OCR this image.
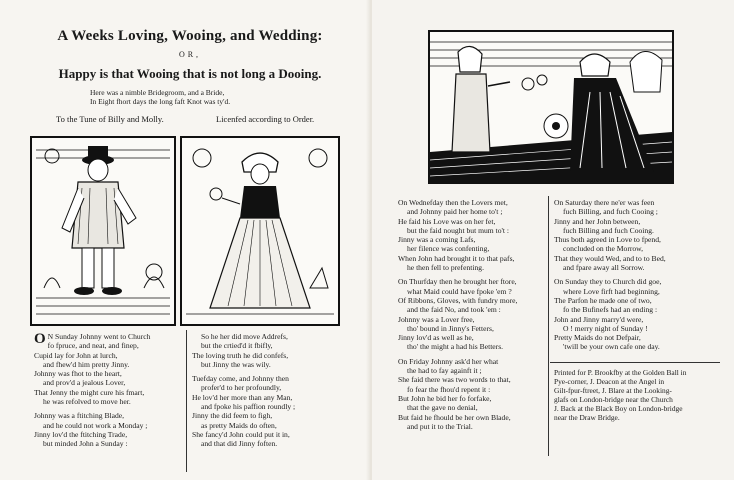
A Weeks Loving, Wooing, and Wedding:
OR,
Happy is that Wooing that is not long a Dooing.
Here was a nimble Bridegroom, and a Bride,
In Eight fhort days the long faft Knot was ty'd.
To the Tune of Billy and Molly.	Licenfed according to Order.
O N Sunday Johnny went to Church
fo fpruce, and neat, and finep,
Cupid lay for John at lurch,
and fhew'd him pretty Jinny.
Johnny was fhot to the heart,
and prov'd a jealous Lover,
That Jenny the might cure his fmart,
he was refolved to move her.
Johnny was a ftitching Blade,
and he could not work a Monday ;
Jinny lov'd the ftitching Trade,
but minded John a Sunday :
So he her did move Addrefs,
but the crtied'd it fbifly,
The loving truth he did confefs,
but Jinny the was wily.
Tuefday come, and Johnny then
profer'd to her profoundly,
He lov'd her more than any Man,
and fpoke his paffion roundly ;
Jinny the did feem to figh,
as pretty Maids do often,
She fancy'd John could put it in,
and that did Jinny foften.
On Wednefday then the Lovers met,
and Johnny paid her home to't ;
He faid his Love was on her fet,
but the faid nought but mum to't :
Jinny was a coming Lafs,
her filence was confenting,
When John had brought it to that pafs,
he then fell to prefenting.
On Thurfday then he brought her ftore,
what Maid could have fpoke 'em ?
Of Ribbons, Gloves, with fundry more,
and the faid No, and took 'em :
Johnny was a Lover free,
tho' bound in Jinny's Fetters,
Jinny lov'd as well as he,
tho' the might a had his Betters.
On Friday Johnny ask'd her what
the had to fay againft it ;
She faid there was two words to that,
fo fear the fhou'd repent it :
But John he bid her fo forfake,
that the gave no denial,
But faid he fhould be her own Blade,
and put it to the Trial.
On Saturday there ne'er was feen
fuch Billing, and fuch Cooing ;
Jinny and her John between,
fuch Billing and fuch Cooing.
Thus both agreed in Love to fpend,
concluded on the Morrow,
That they would Wed, and to to Bed,
and fpare away all Sorrow.
On Sunday they to Church did goe,
where Love firft had beginning,
The Parfon he made one of two,
fo the Bufinefs had an ending :
John and Jinny marry'd were,
O ! merry night of Sunday !
Pretty Maids do not Defpair,
'twill be your own cafe one day.
Printed for P. Brookfby at the Golden Ball in
Pye-corner, J. Deacon at the Angel in
Gilt-fpur-ftreet, J. Blare at the Looking-
glafs on London-bridge near the Church
J. Back at the Black Boy on London-bridge
near the Draw Bridge.
